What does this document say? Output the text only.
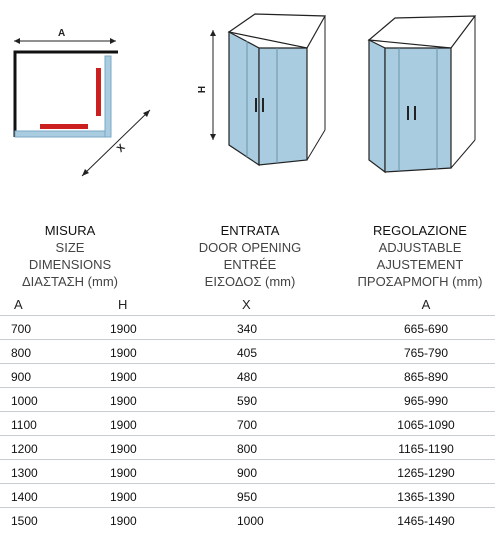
A
X
H
MISURA
SIZE
DIMENSIONS
ΔΙΑΣΤΑΣΗ (mm)
ENTRATA
DOOR OPENING
ENTRÉE
ΕΙΣΟΔΟΣ (mm)
REGOLAZIONE
ADJUSTABLE
AJUSTEMENT
ΠΡΟΣΑΡΜΟΓΗ (mm)
A	H	X	A
700	1900	340	665-690
800	1900	405	765-790
900	1900	480	865-890
1000	1900	590	965-990
1100	1900	700	1065-1090
1200	1900	800	1165-1190
1300	1900	900	1265-1290
1400	1900	950	1365-1390
1500	1900	1000	1465-1490
